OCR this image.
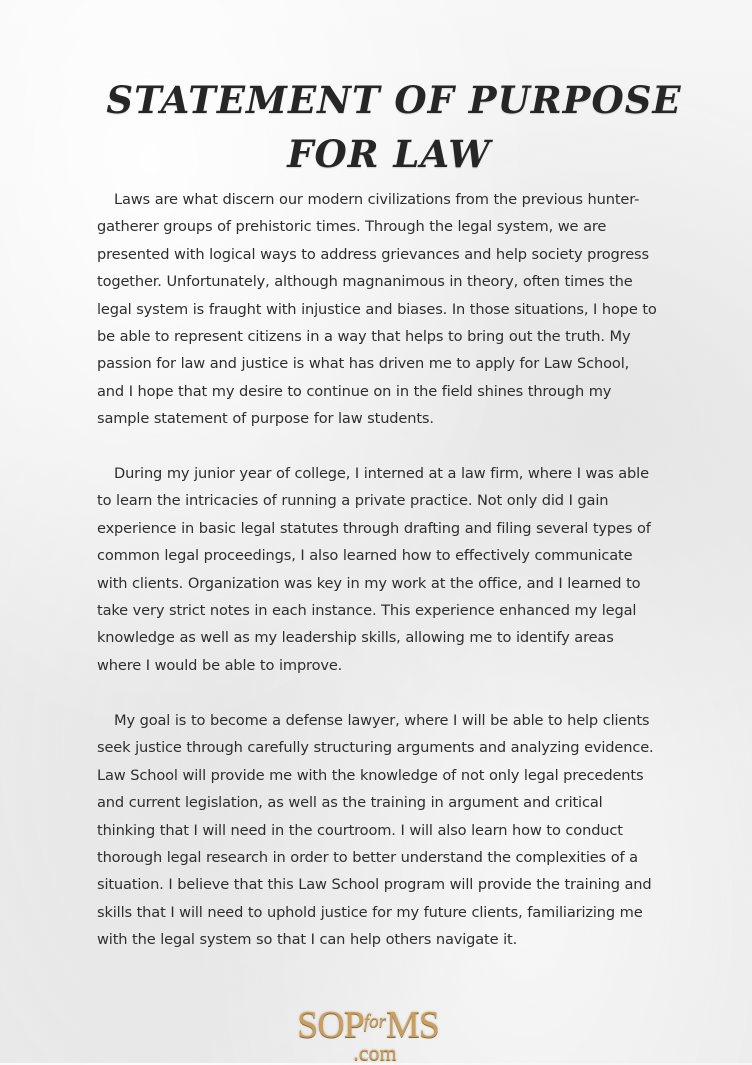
STATEMENT OF PURPOSE
FOR LAW

Laws are what discern our modern civilizations from the previous hunter-gatherer groups of prehistoric times. Through the legal system, we are presented with logical ways to address grievances and help society progress together. Unfortunately, although magnanimous in theory, often times the legal system is fraught with injustice and biases. In those situations, I hope to be able to represent citizens in a way that helps to bring out the truth. My passion for law and justice is what has driven me to apply for Law School, and I hope that my desire to continue on in the field shines through my sample statement of purpose for law students.

During my junior year of college, I interned at a law firm, where I was able to learn the intricacies of running a private practice. Not only did I gain experience in basic legal statutes through drafting and filing several types of common legal proceedings, I also learned how to effectively communicate with clients. Organization was key in my work at the office, and I learned to take very strict notes in each instance. This experience enhanced my legal knowledge as well as my leadership skills, allowing me to identify areas where I would be able to improve.

My goal is to become a defense lawyer, where I will be able to help clients seek justice through carefully structuring arguments and analyzing evidence. Law School will provide me with the knowledge of not only legal precedents and current legislation, as well as the training in argument and critical thinking that I will need in the courtroom. I will also learn how to conduct thorough legal research in order to better understand the complexities of a situation. I believe that this Law School program will provide the training and skills that I will need to uphold justice for my future clients, familiarizing me with the legal system so that I can help others navigate it.

$SOP^{for}MS$
.com
